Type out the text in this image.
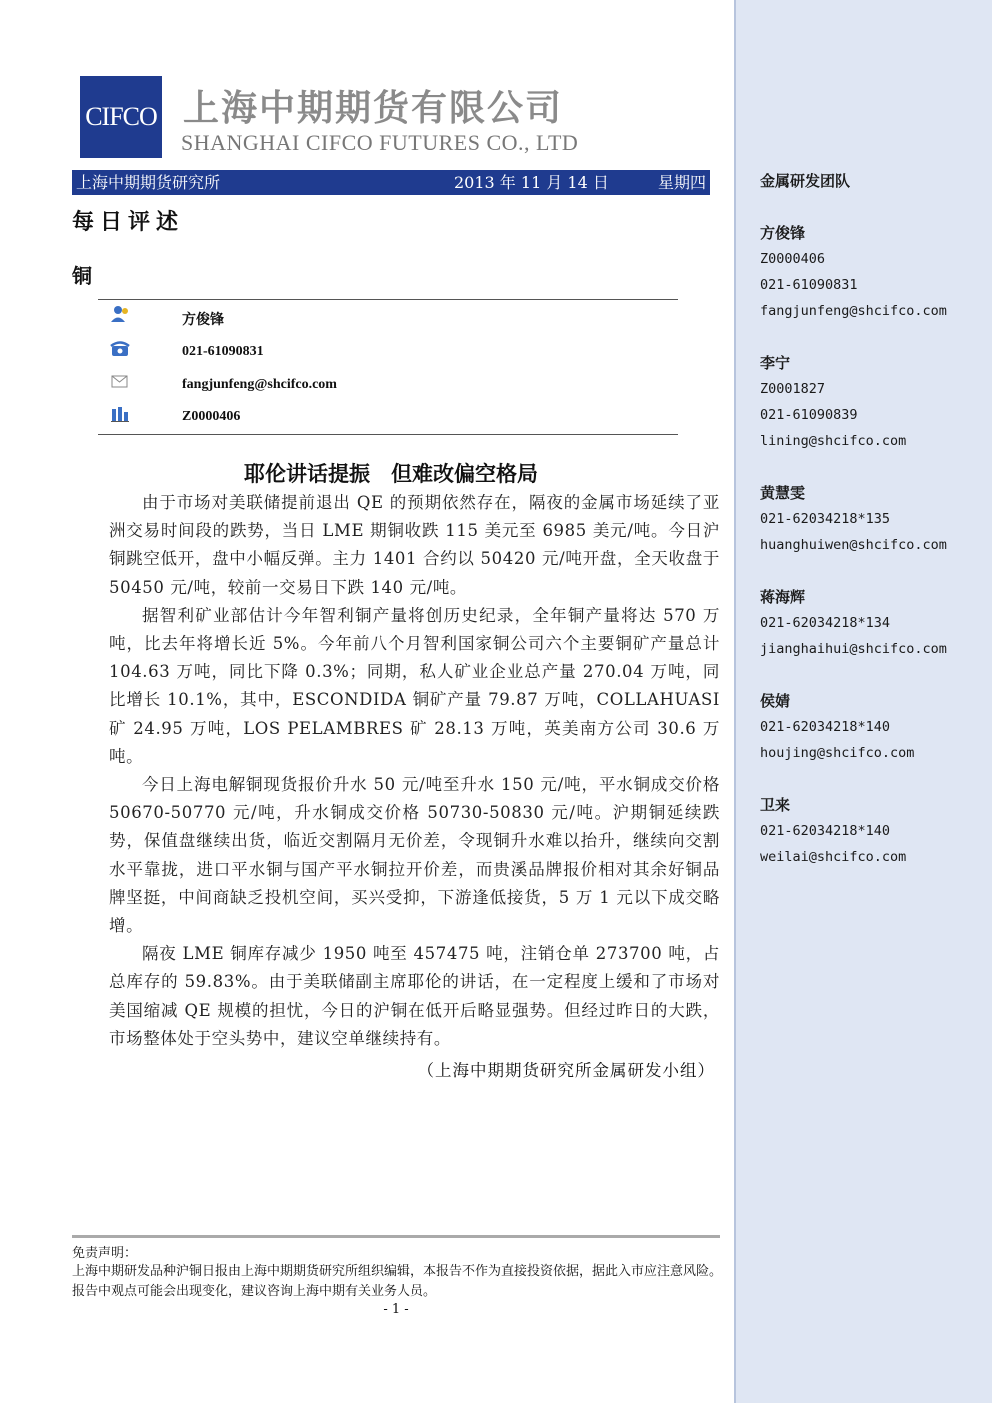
金属研发团队
方俊锋
Z0000406
021-61090831
fangjunfeng@shcifco.com
李宁
Z0001827
021-61090839
lining@shcifco.com
黄慧雯
021-62034218*135
huanghuiwen@shcifco.com
蒋海辉
021-62034218*134
jianghaihui@shcifco.com
侯婧
021-62034218*140
houjing@shcifco.com
卫来
021-62034218*140
weilai@shcifco.com
CIFCO 上海中期期货有限公司
SHANGHAI CIFCO FUTURES CO., LTD
上海中期期货研究所	2013 年 11 月 14 日	星期四
每日评述
铜
方俊锋
021-61090831
fangjunfeng@shcifco.com
Z0000406
耶伦讲话提振　但难改偏空格局

由于市场对美联储提前退出 QE 的预期依然存在，隔夜的金属市场延续了亚洲交易时间段的跌势，当日 LME 期铜收跌 115 美元至 6985 美元/吨。今日沪铜跳空低开，盘中小幅反弹。主力 1401 合约以 50420 元/吨开盘，全天收盘于 50450 元/吨，较前一交易日下跌 140 元/吨。

据智利矿业部估计今年智利铜产量将创历史纪录，全年铜产量将达 570 万吨，比去年将增长近 5%。今年前八个月智利国家铜公司六个主要铜矿产量总计 104.63 万吨，同比下降 0.3%；同期，私人矿业企业总产量 270.04 万吨，同比增长 10.1%，其中，ESCONDIDA 铜矿产量 79.87 万吨，COLLAHUASI 矿 24.95 万吨，LOS PELAMBRES 矿 28.13 万吨，英美南方公司 30.6 万吨。

今日上海电解铜现货报价升水 50 元/吨至升水 150 元/吨，平水铜成交价格 50670-50770 元/吨，升水铜成交价格 50730-50830 元/吨。沪期铜延续跌势，保值盘继续出货，临近交割隔月无价差，令现铜升水难以抬升，继续向交割水平靠拢，进口平水铜与国产平水铜拉开价差，而贵溪品牌报价相对其余好铜品牌坚挺，中间商缺乏投机空间，买兴受抑，下游逢低接货，5 万 1 元以下成交略增。

隔夜 LME 铜库存减少 1950 吨至 457475 吨，注销仓单 273700 吨，占总库存的 59.83%。由于美联储副主席耶伦的讲话，在一定程度上缓和了市场对美国缩减 QE 规模的担忧，今日的沪铜在低开后略显强势。但经过昨日的大跌，市场整体处于空头势中，建议空单继续持有。

（上海中期期货研究所金属研发小组）
免责声明：
上海中期研发品种沪铜日报由上海中期期货研究所组织编辑，本报告不作为直接投资依据，据此入市应注意风险。报告中观点可能会出现变化，建议咨询上海中期有关业务人员。
- 1 -
